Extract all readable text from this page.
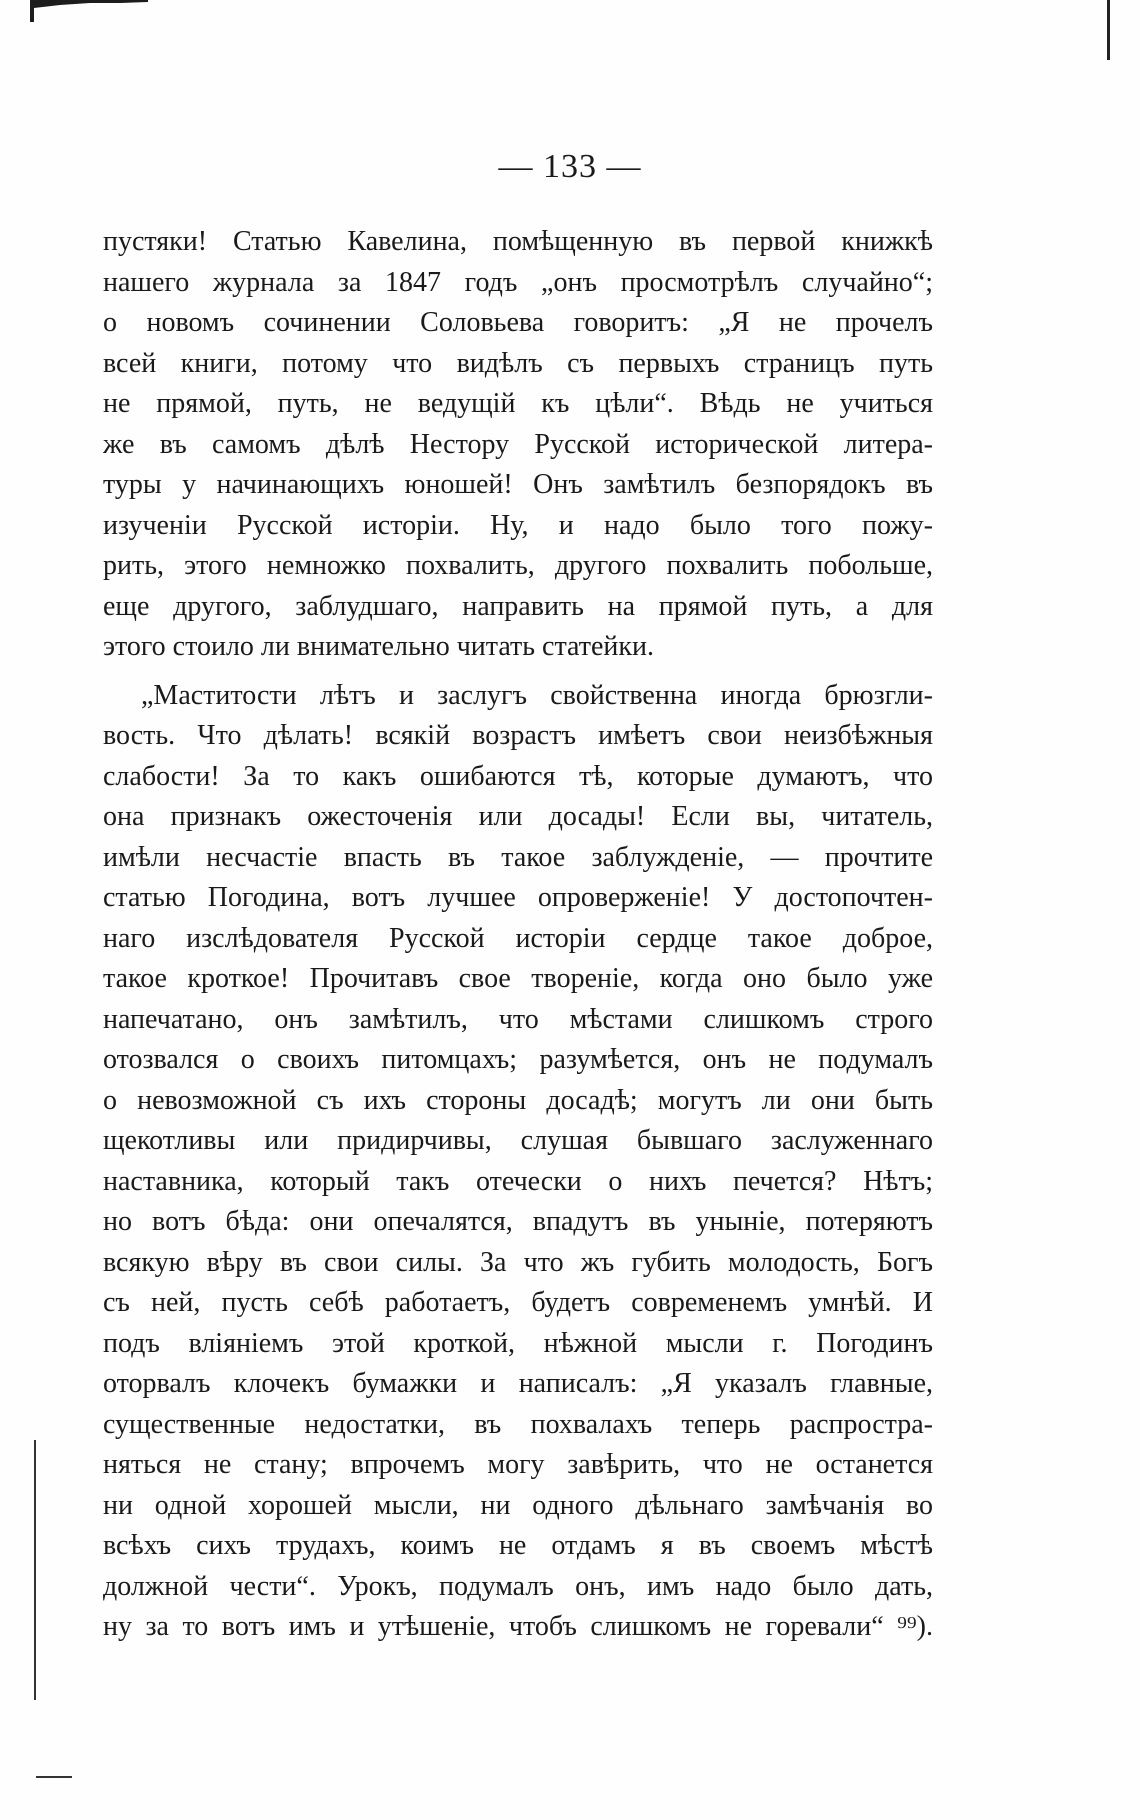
— 133 —
пустяки! Статью Кавелина, помѣщенную въ первой книжкѣ
нашего журнала за 1847 годъ „онъ просмотрѣлъ случайно“;
о новомъ сочинении Соловьева говоритъ: „Я не прочелъ
всей книги, потому что видѣлъ съ первыхъ страницъ путь
не прямой, путь, не ведущій къ цѣли“. Вѣдь не учиться
же въ самомъ дѣлѣ Нестору Русской исторической литера-
туры у начинающихъ юношей! Онъ замѣтилъ безпорядокъ въ
изученіи Русской исторіи. Ну, и надо было того пожу-
рить, этого немножко похвалить, другого похвалить побольше,
еще другого, заблудшаго, направить на прямой путь, а для
этого стоило ли внимательно читать статейки.
„Маститости лѣтъ и заслугъ свойственна иногда брюзгли-
вость. Что дѣлать! всякій возрастъ имѣетъ свои неизбѣжныя
слабости! За то какъ ошибаются тѣ, которые думаютъ, что
она признакъ ожесточенія или досады! Если вы, читатель,
имѣли несчастіе впасть въ такое заблужденіе, — прочтите
статью Погодина, вотъ лучшее опроверженіе! У достопочтен-
наго изслѣдователя Русской исторіи сердце такое доброе,
такое кроткое! Прочитавъ свое твореніе, когда оно было уже
напечатано, онъ замѣтилъ, что мѣстами слишкомъ строго
отозвался о своихъ питомцахъ; разумѣется, онъ не подумалъ
о невозможной съ ихъ стороны досадѣ; могутъ ли они быть
щекотливы или придирчивы, слушая бывшаго заслуженнаго
наставника, который такъ отечески о нихъ печется? Нѣтъ;
но вотъ бѣда: они опечалятся, впадутъ въ уныніе, потеряютъ
всякую вѣру въ свои силы. За что жъ губить молодость, Богъ
съ ней, пусть себѣ работаетъ, будетъ современемъ умнѣй. И
подъ вліяніемъ этой кроткой, нѣжной мысли г. Погодинъ
оторвалъ клочекъ бумажки и написалъ: „Я указалъ главные,
существенные недостатки, въ похвалахъ теперь распростра-
няться не стану; впрочемъ могу завѣрить, что не останется
ни одной хорошей мысли, ни одного дѣльнаго замѣчанія во
всѣхъ сихъ трудахъ, коимъ не отдамъ я въ своемъ мѣстѣ
должной чести“. Урокъ, подумалъ онъ, имъ надо было дать,
ну за то вотъ имъ и утѣшеніе, чтобъ слишкомъ не горевали“ ⁹⁹).
